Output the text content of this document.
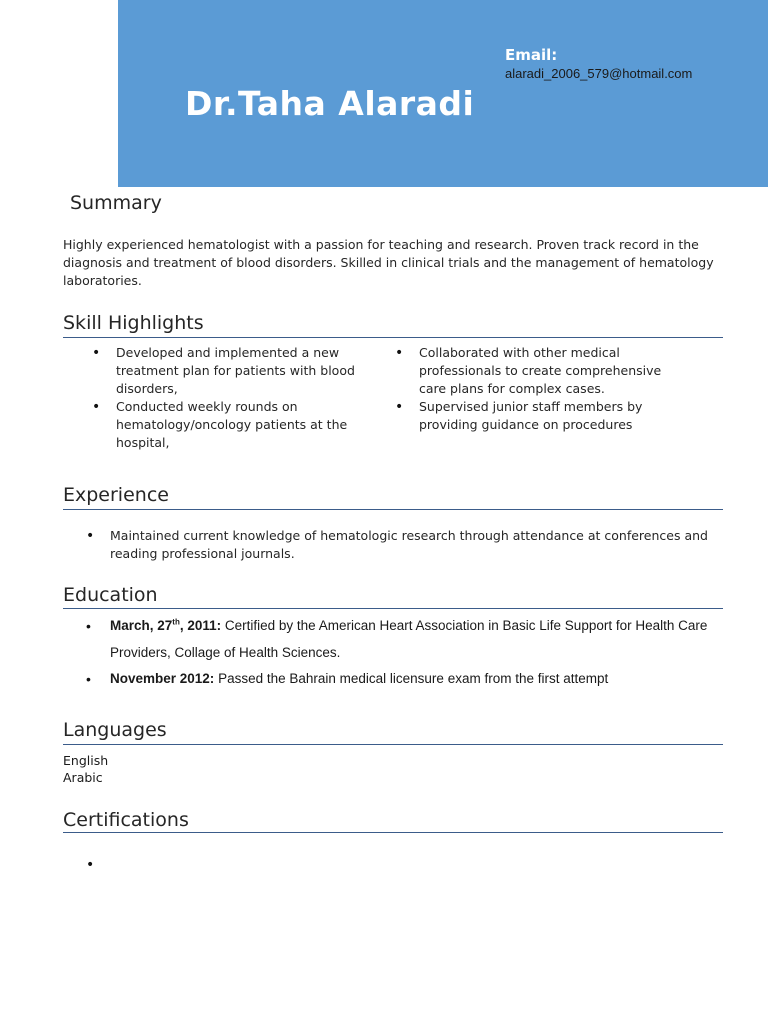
Dr.Taha Alaradi
Email:
alaradi_2006_579@hotmail.com
Summary

Highly experienced hematologist with a passion for teaching and research. Proven track record in the diagnosis and treatment of blood disorders. Skilled in clinical trials and the management of hematology laboratories.

Skill Highlights
• Developed and implemented a new treatment plan for patients with blood disorders,
• Conducted weekly rounds on hematology/oncology patients at the hospital,
• Collaborated with other medical professionals to create comprehensive care plans for complex cases.
• Supervised junior staff members by providing guidance on procedures
Experience
• Maintained current knowledge of hematologic research through attendance at conferences and reading professional journals.
Education
• March, 27th, 2011: Certified by the American Heart Association in Basic Life Support for Health Care Providers, Collage of Health Sciences.
• November 2012: Passed the Bahrain medical licensure exam from the first attempt
Languages
English
Arabic
Certifications
